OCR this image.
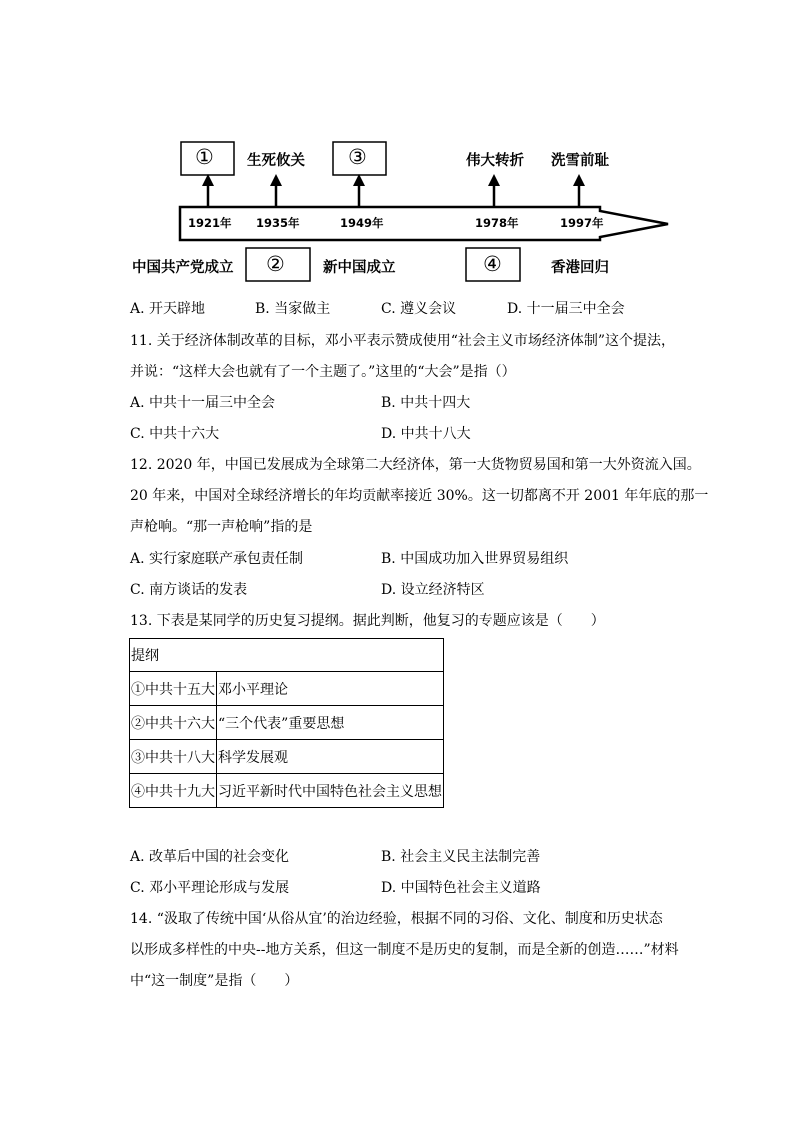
①	③
②	④
生死攸关	伟大转折 洗雪前耻
1921年 1935年	1949年	1978年	1997年
中国共产党成立	新中国成立	香港回归
A. 开天辟地	B. 当家做主	C. 遵义会议	D. 十一届三中全会
11. 关于经济体制改革的目标，邓小平表示赞成使用“社会主义市场经济体制”这个提法，
并说：“这样大会也就有了一个主题了。”这里的“大会”是指（）
A. 中共十一届三中全会	B. 中共十四大
C. 中共十六大	D. 中共十八大
12. 2020 年，中国已发展成为全球第二大经济体，第一大货物贸易国和第一大外资流入国。
20 年来，中国对全球经济增长的年均贡献率接近 30%。这一切都离不开 2001 年年底的那一
声枪响。“那一声枪响”指的是
A. 实行家庭联产承包责任制	B. 中国成功加入世界贸易组织
C. 南方谈话的发表	D. 设立经济特区
13. 下表是某同学的历史复习提纲。据此判断，他复习的专题应该是（　　）
提纲	
①中共十五大	邓小平理论
②中共十六大	“三个代表”重要思想
③中共十八大	科学发展观
④中共十九大	习近平新时代中国特色社会主义思想
A. 改革后中国的社会变化	B. 社会主义民主法制完善
C. 邓小平理论形成与发展	D. 中国特色社会主义道路
14. “汲取了传统中国‘从俗从宜’的治边经验，根据不同的习俗、文化、制度和历史状态
以形成多样性的中央--地方关系，但这一制度不是历史的复制，而是全新的创造……”材料
中“这一制度”是指（　　）
